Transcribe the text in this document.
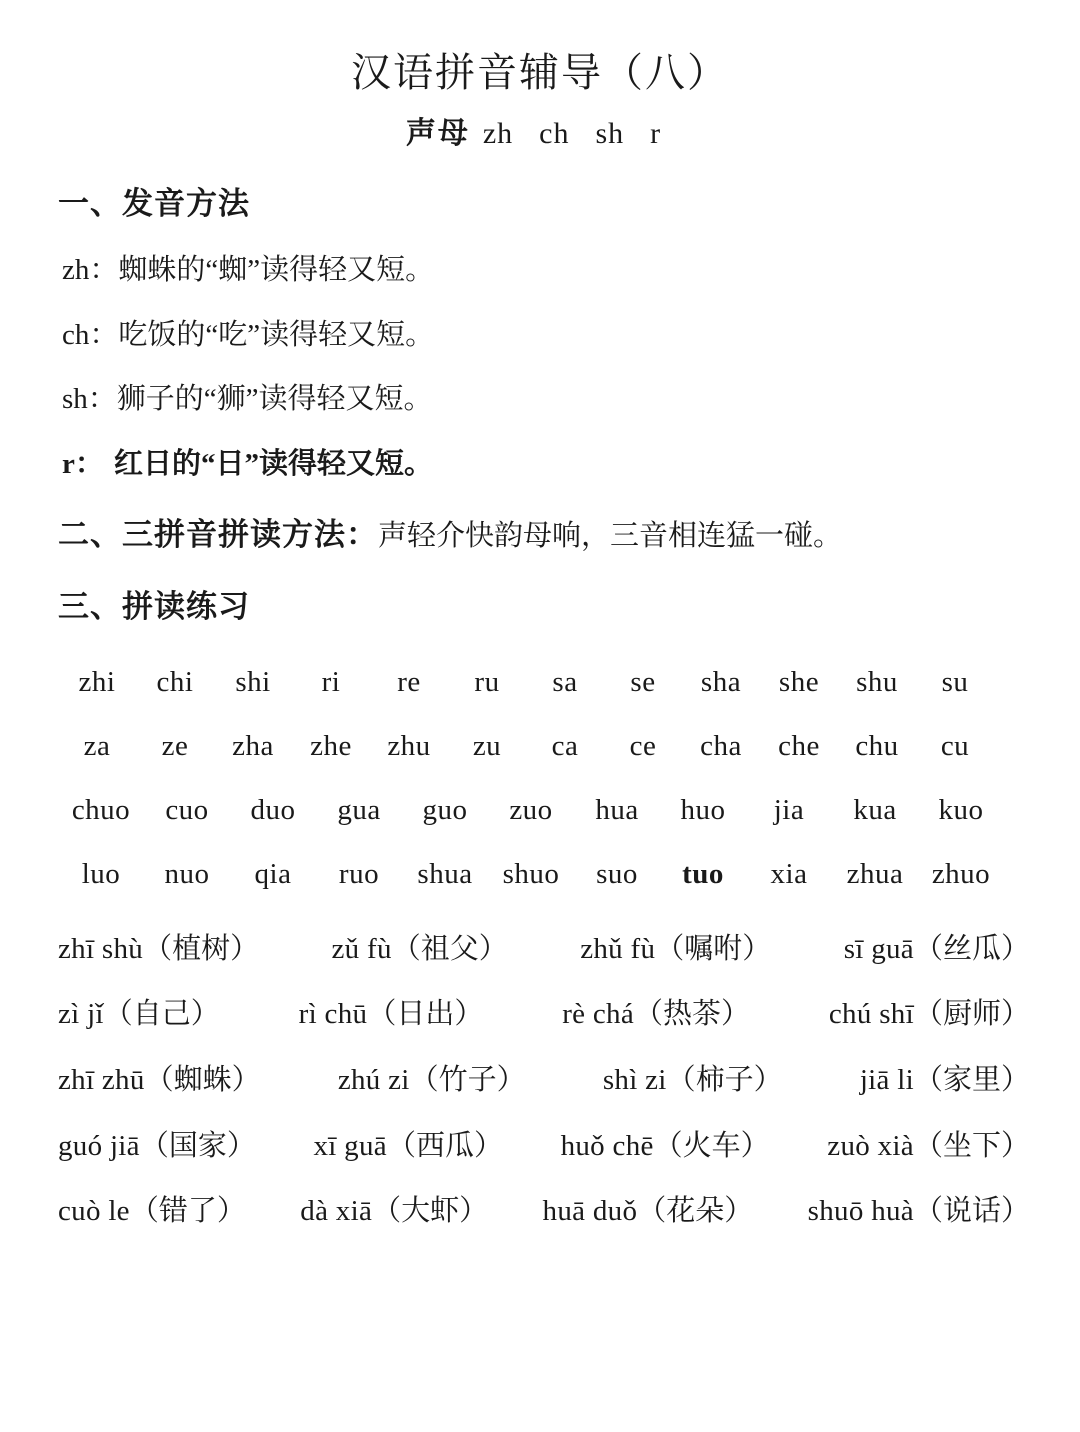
汉语拼音辅导（八）
声母 zh ch sh r
一、发音方法
zh：蜘蛛的“蜘”读得轻又短。
ch：吃饭的“吃”读得轻又短。
sh：狮子的“狮”读得轻又短。
r： 红日的“日”读得轻又短。
二、三拼音拼读方法：声轻介快韵母响，三音相连猛一碰。
三、拼读练习
zhi	chi	shi	ri	re	ru	sa	se	sha	she	shu	su
za	ze	zha	zhe	zhu	zu	ca	ce	cha	che	chu	cu
chuo	cuo	duo	gua	guo	zuo	hua	huo	jia	kua	kuo
luo	nuo	qia	ruo	shua	shuo	suo	tuo	xia	zhua zhuo
zhī shù（植树） zǔ fù（祖父） zhǔ fù（嘱咐） sī guā（丝瓜）
zì jǐ（自己）	rì chū（日出）	rè chá（热茶）	chú shī（厨师）
zhī zhū（蜘蛛）	zhú zi（竹子）	shì zi（柿子）	jiā li（家里）
guó jiā（国家） xī guā（西瓜） huǒ chē（火车） zuò xià（坐下）
cuò le（错了） dà xiā（大虾） huā duǒ（花朵） shuō huà（说话）
